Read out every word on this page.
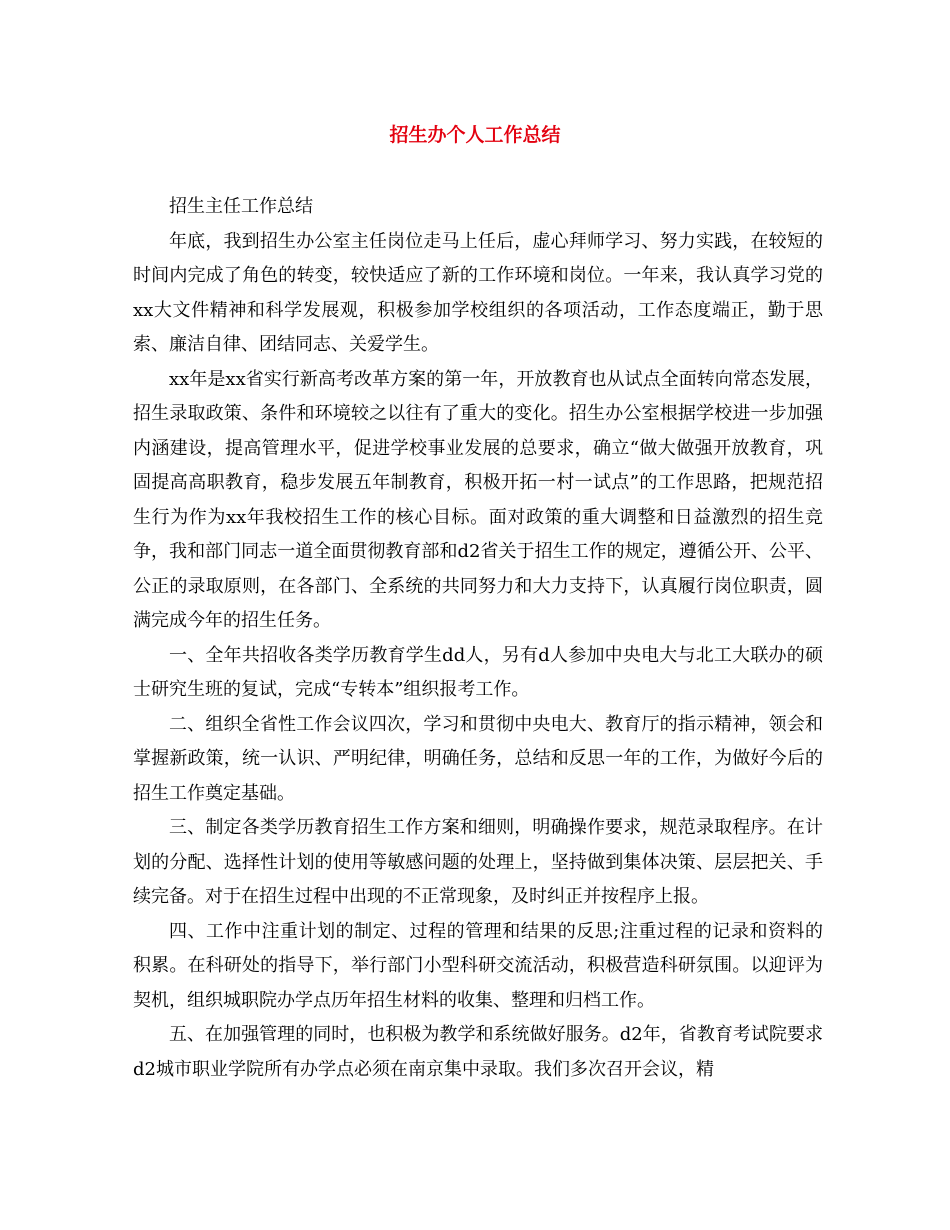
招生办个人工作总结

招生主任工作总结

年底，我到招生办公室主任岗位走马上任后，虚心拜师学习、努力实践，在较短的时间内完成了角色的转变，较快适应了新的工作环境和岗位。一年来，我认真学习党的xx大文件精神和科学发展观，积极参加学校组织的各项活动，工作态度端正，勤于思索、廉洁自律、团结同志、关爱学生。

xx年是xx省实行新高考改革方案的第一年，开放教育也从试点全面转向常态发展，招生录取政策、条件和环境较之以往有了重大的变化。招生办公室根据学校进一步加强内涵建设，提高管理水平，促进学校事业发展的总要求，确立“做大做强开放教育，巩固提高高职教育，稳步发展五年制教育，积极开拓一村一试点”的工作思路，把规范招生行为作为xx年我校招生工作的核心目标。面对政策的重大调整和日益激烈的招生竞争，我和部门同志一道全面贯彻教育部和d2省关于招生工作的规定，遵循公开、公平、公正的录取原则，在各部门、全系统的共同努力和大力支持下，认真履行岗位职责，圆满完成今年的招生任务。

一、全年共招收各类学历教育学生dd人，另有d人参加中央电大与北工大联办的硕士研究生班的复试，完成“专转本”组织报考工作。

二、组织全省性工作会议四次，学习和贯彻中央电大、教育厅的指示精神，领会和掌握新政策，统一认识、严明纪律，明确任务，总结和反思一年的工作，为做好今后的招生工作奠定基础。

三、制定各类学历教育招生工作方案和细则，明确操作要求，规范录取程序。在计划的分配、选择性计划的使用等敏感问题的处理上，坚持做到集体决策、层层把关、手续完备。对于在招生过程中出现的不正常现象，及时纠正并按程序上报。

四、工作中注重计划的制定、过程的管理和结果的反思;注重过程的记录和资料的积累。在科研处的指导下，举行部门小型科研交流活动，积极营造科研氛围。以迎评为契机，组织城职院办学点历年招生材料的收集、整理和归档工作。

五、在加强管理的同时，也积极为教学和系统做好服务。d2年，省教育考试院要求d2城市职业学院所有办学点必须在南京集中录取。我们多次召开会议，精
